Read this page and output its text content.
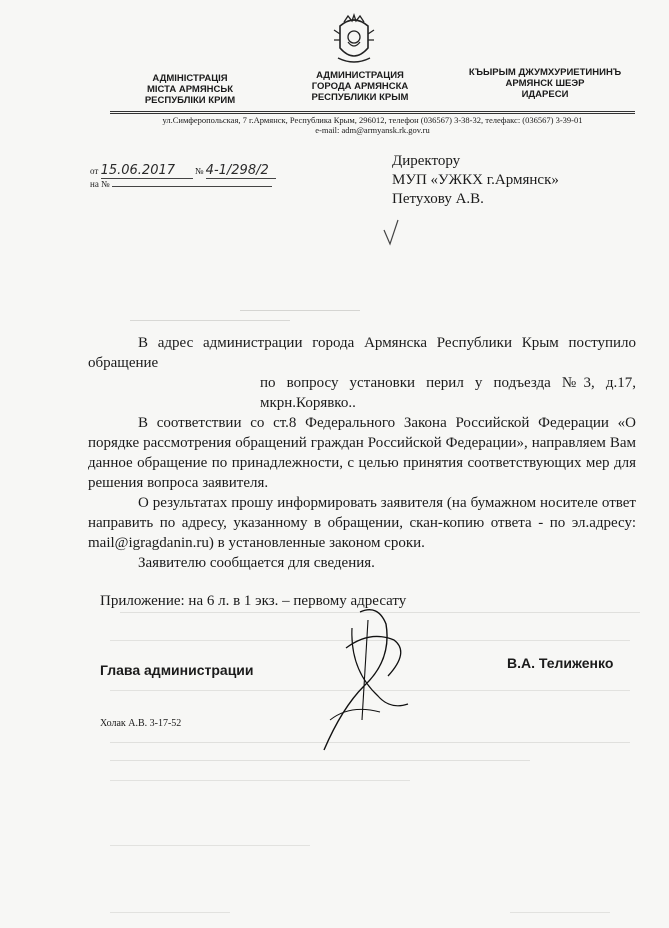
АДМІНІСТРАЦІЯ
МІСТА АРМЯНСЬК
РЕСПУБЛІКИ КРИМ
АДМИНИСТРАЦИЯ
ГОРОДА АРМЯНСКА
РЕСПУБЛИКИ КРЫМ
КЪЫРЫМ ДЖУМХУРИЕТИНИНЪ
АРМЯНСК ШЕЭР
ИДАРЕСИ
ул.Симферопольская, 7 г.Армянск, Республика Крым, 296012, телефон (036567) 3-38-32, телефакс: (036567) 3-39-01
e-mail: adm@armyansk.rk.gov.ru
от 15.06.2017 № 4-1/298/2
на №
Директору
МУП «УЖКХ г.Армянск»
Петухову А.В.

В адрес администрации города Армянска Республики Крым поступило обращение

по вопросу установки перил у подъезда №3, д.17, мкрн.Корявко..

В соответствии со ст.8 Федерального Закона Российской Федерации «О порядке рассмотрения обращений граждан Российской Федерации», направляем Вам данное обращение по принадлежности, с целью принятия соответствующих мер для решения вопроса заявителя.

О результатах прошу информировать заявителя (на бумажном носителе ответ направить по адресу, указанному в обращении, скан-копию ответа - по эл.адресу: mail@igragdanin.ru) в установленные законом сроки.

Заявителю сообщается для сведения.

Приложение: на 6 л. в 1 экз. – первому адресату
Глава администрации	В.А. Телиженко
Холак А.В. 3-17-52
